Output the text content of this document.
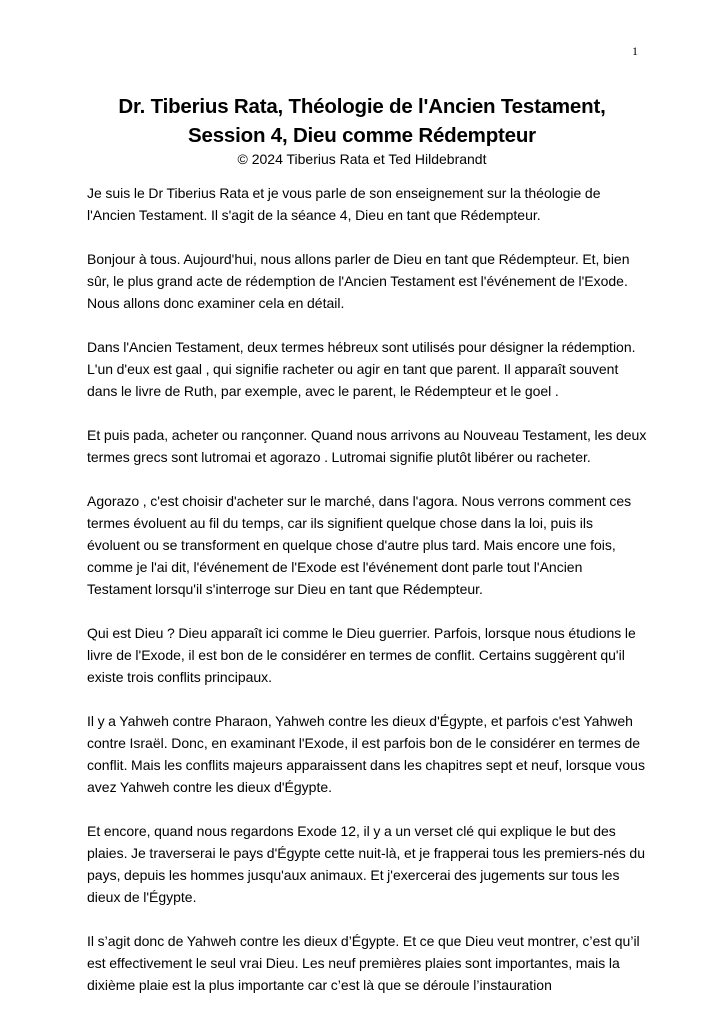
1
Dr. Tiberius Rata, Théologie de l'Ancien Testament,
Session 4, Dieu comme Rédempteur

© 2024 Tiberius Rata et Ted Hildebrandt

Je suis le Dr Tiberius Rata et je vous parle de son enseignement sur la théologie de l'Ancien Testament. Il s'agit de la séance 4, Dieu en tant que Rédempteur.

Bonjour à tous. Aujourd'hui, nous allons parler de Dieu en tant que Rédempteur. Et, bien sûr, le plus grand acte de rédemption de l'Ancien Testament est l'événement de l'Exode. Nous allons donc examiner cela en détail.

Dans l'Ancien Testament, deux termes hébreux sont utilisés pour désigner la rédemption. L'un d'eux est gaal , qui signifie racheter ou agir en tant que parent. Il apparaît souvent dans le livre de Ruth, par exemple, avec le parent, le Rédempteur et le goel .

Et puis pada, acheter ou rançonner. Quand nous arrivons au Nouveau Testament, les deux termes grecs sont lutromai et agorazo . Lutromai signifie plutôt libérer ou racheter.

Agorazo , c'est choisir d'acheter sur le marché, dans l'agora. Nous verrons comment ces termes évoluent au fil du temps, car ils signifient quelque chose dans la loi, puis ils évoluent ou se transforment en quelque chose d'autre plus tard. Mais encore une fois, comme je l'ai dit, l'événement de l'Exode est l'événement dont parle tout l'Ancien Testament lorsqu'il s'interroge sur Dieu en tant que Rédempteur.

Qui est Dieu ? Dieu apparaît ici comme le Dieu guerrier. Parfois, lorsque nous étudions le livre de l'Exode, il est bon de le considérer en termes de conflit. Certains suggèrent qu'il existe trois conflits principaux.

Il y a Yahweh contre Pharaon, Yahweh contre les dieux d'Égypte, et parfois c'est Yahweh contre Israël. Donc, en examinant l'Exode, il est parfois bon de le considérer en termes de conflit. Mais les conflits majeurs apparaissent dans les chapitres sept et neuf, lorsque vous avez Yahweh contre les dieux d'Égypte.

Et encore, quand nous regardons Exode 12, il y a un verset clé qui explique le but des plaies. Je traverserai le pays d'Égypte cette nuit-là, et je frapperai tous les premiers-nés du pays, depuis les hommes jusqu'aux animaux. Et j'exercerai des jugements sur tous les dieux de l'Égypte.

Il s’agit donc de Yahweh contre les dieux d’Égypte. Et ce que Dieu veut montrer, c’est qu’il est effectivement le seul vrai Dieu. Les neuf premières plaies sont importantes, mais la dixième plaie est la plus importante car c’est là que se déroule l’instauration
